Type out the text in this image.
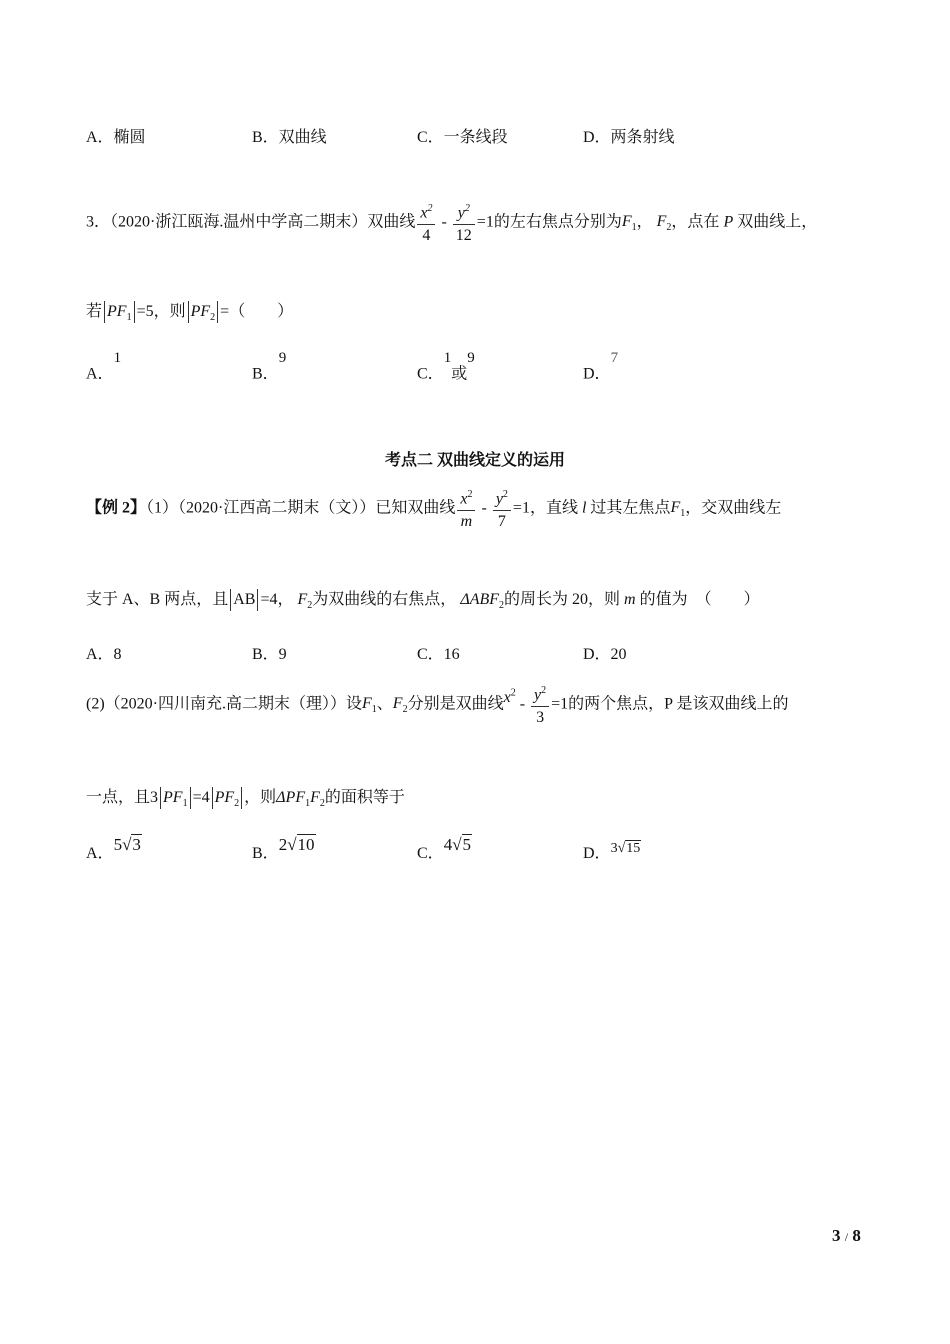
A．椭圆	B．双曲线	C．一条线段	D．两条射线
3．（2020·浙江瓯海.温州中学高二期末）双曲线 $\frac{x^2}{4} - \frac{y^2}{12} =1$的左右焦点分别为$F_1$， $F_2$，点在 P 双曲线上，
若 $PF_1 =5$，则 $PF_2$ =（　　）
A．$^1$
B．$^9$
C．$^1$或$^9$
D．$^7$
考点二 双曲线定义的运用
【例 2】（1）（2020·江西高二期末（文））已知双曲线 $\frac{x^2}{m} - \frac{y^2}{7} =1$，直线 l 过其左焦点$F_1$，交双曲线左
支于 A、B 两点，且 AB =4， $F_2$为双曲线的右焦点， $\Delta ABF_2$的周长为 20，则 m 的值为　（　　）
A．8	B．9	C．16	D．20
(2)（2020·四川南充.高二期末（理））设$F_1$、$F_2$分别是双曲线$x^2 - \frac{y^2}{3} =1$的两个焦点，P 是该双曲线上的
一点，且3 $PF_1 =4$ $PF_2$ ，则$\Delta PF_1F_2$的面积等于
A．5√3	B．2√10	C．4√5	D．3√15
3 / 8
